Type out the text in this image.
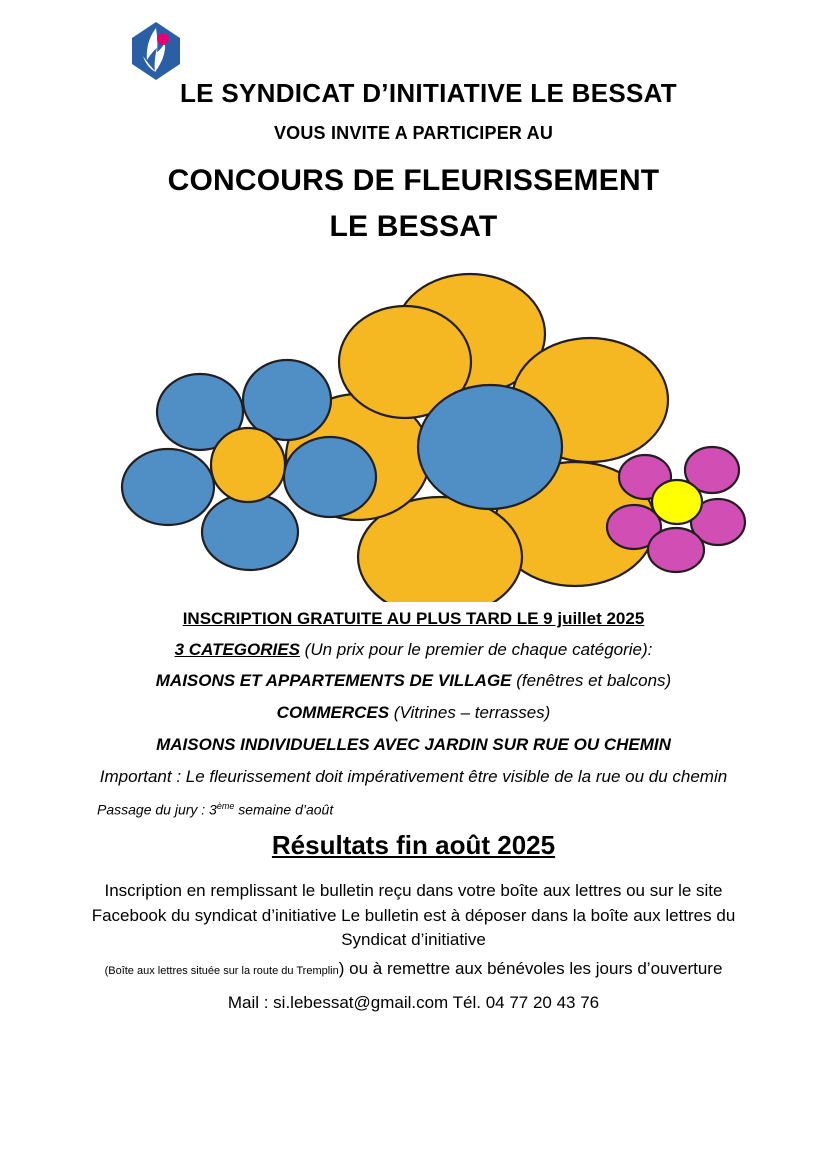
LE SYNDICAT D’INITIATIVE LE BESSAT
VOUS INVITE A PARTICIPER AU
CONCOURS DE FLEURISSEMENT
LE BESSAT
INSCRIPTION GRATUITE AU PLUS TARD LE 9 juillet 2025
3 CATEGORIES (Un prix pour le premier de chaque catégorie):
MAISONS ET APPARTEMENTS DE VILLAGE (fenêtres et balcons)
COMMERCES (Vitrines – terrasses)
MAISONS INDIVIDUELLES AVEC JARDIN SUR RUE OU CHEMIN
Important : Le fleurissement doit impérativement être visible de la rue ou du chemin
Passage du jury : 3ème semaine d’août
Résultats fin août 2025
Inscription en remplissant le bulletin reçu dans votre boîte aux lettres ou sur le site Facebook du syndicat d’initiative Le bulletin est à déposer dans la boîte aux lettres du Syndicat d’initiative
(Boîte aux lettres située sur la route du Tremplin) ou à remettre aux bénévoles les jours d’ouverture
Mail : si.lebessat@gmail.com Tél. 04 77 20 43 76
